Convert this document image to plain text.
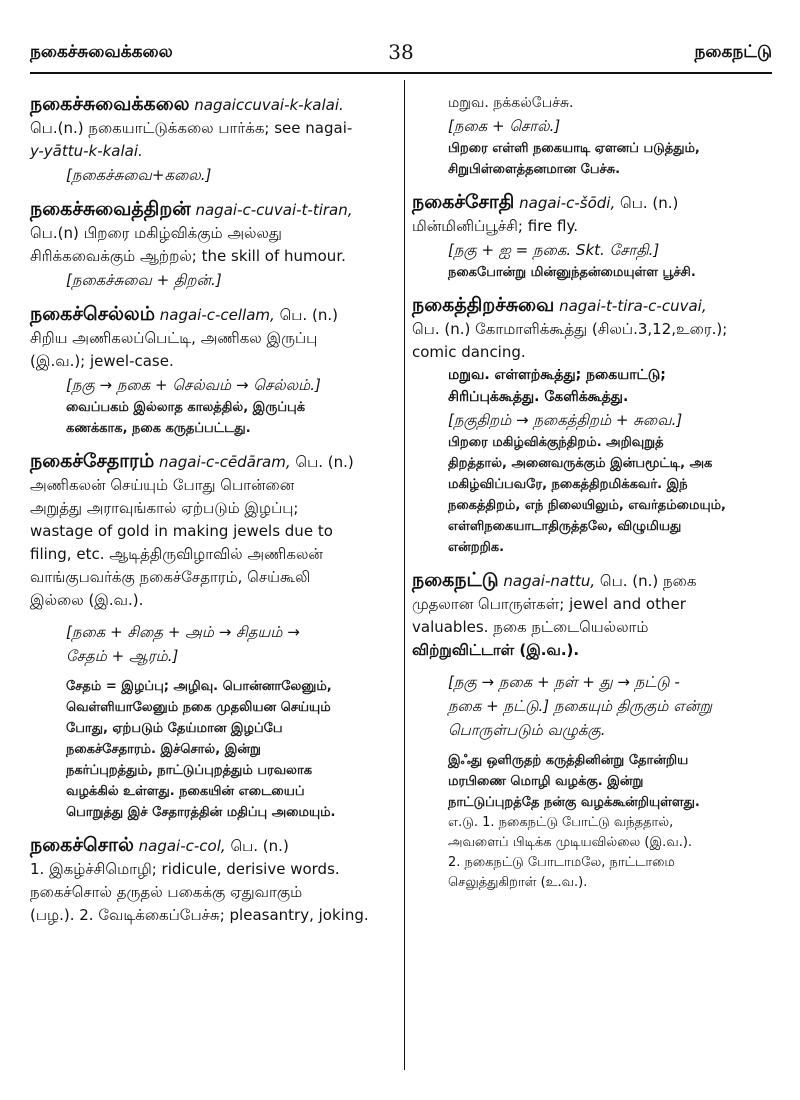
நகைச்சுவைக்கலை	38	நகைநட்டு

நகைச்சுவைக்கலை nagaiccuvai-k-kalai.

பெ.(n.) நகையாட்டுக்கலை பார்க்க; see nagai-

y-yāttu-k-kalai.

[நகைச்சுவை+கலை.]

நகைச்சுவைத்திறன் nagai-c-cuvai-t-tiran,

பெ.(n) பிறரை மகிழ்விக்கும் அல்லது

சிரிக்கவைக்கும் ஆற்றல்; the skill of humour.

[நகைச்சுவை + திறன்.]

நகைச்செல்லம் nagai-c-cellam, பெ. (n.)

சிறிய அணிகலப்பெட்டி, அணிகல இருப்பு

(இ.வ.); jewel-case.

[நகு → நகை + செல்வம் → செல்லம்.]

வைப்பகம் இல்லாத காலத்தில், இருப்புக்

கணக்காக, நகை கருதப்பட்டது.

நகைச்சேதாரம் nagai-c-cēdāram, பெ. (n.)

அணிகலன் செய்யும் போது பொன்னை

அறுத்து அராவுங்கால் ஏற்படும் இழப்பு;

wastage of gold in making jewels due to

filing, etc. ஆடித்திருவிழாவில் அணிகலன்

வாங்குபவர்க்கு நகைச்சேதாரம், செய்கூலி

இல்லை (இ.வ.).

[நகை + சிதை + அம் → சிதயம் →

சேதம் + ஆரம்.]

சேதம் = இழப்பு; அழிவு. பொன்னாலேனும்,

வெள்ளியாலேனும் நகை முதலியன செய்யும்

போது, ஏற்படும் தேய்மான இழப்பே

நகைச்சேதாரம். இச்சொல், இன்று

நகர்ப்புறத்தும், நாட்டுப்புறத்தும் பரவலாக

வழக்கில் உள்ளது. நகையின் எடையைப்

பொறுத்து இச் சேதாரத்தின் மதிப்பு அமையும்.

நகைச்சொல் nagai-c-col, பெ. (n.)

1. இகழ்ச்சிமொழி; ridicule, derisive words.

நகைச்சொல் தருதல் பகைக்கு ஏதுவாகும்

(பழ.). 2. வேடிக்கைப்பேச்சு; pleasantry, joking.

மறுவ. நக்கல்பேச்சு.

[நகை + சொல்.]

பிறரை எள்ளி நகையாடி ஏளனப் படுத்தும்,

சிறுபிள்ளைத்தனமான பேச்சு.

நகைச்சோதி nagai-c-šōdi, பெ. (n.)

மின்மினிப்பூச்சி; fire fly.

[நகு + ஐ = நகை. Skt. சோதி.]

நகைபோன்று மின்னுந்தன்மையுள்ள பூச்சி.

நகைத்திறச்சுவை nagai-t-tira-c-cuvai,

பெ. (n.) கோமாளிக்கூத்து (சிலப்.3,12,உரை.);

comic dancing.

மறுவ. எள்ளற்கூத்து; நகையாட்டு;

சிரிப்புக்கூத்து. கேளிக்கூத்து.

[நகுதிறம் → நகைத்திறம் + சுவை.]

பிறரை மகிழ்விக்குந்திறம். அறிவுறுத்

திறத்தால், அனைவருக்கும் இன்பமூட்டி, அக

மகிழ்விப்பவரே, நகைத்திறமிக்கவர். இந்

நகைத்திறம், எந் நிலையிலும், எவர்தம்மையும்,

எள்ளிநகையாடாதிருத்தலே, விழுமியது

என்றறிக.

நகைநட்டு nagai-nattu, பெ. (n.) நகை

முதலான பொருள்கள்; jewel and other

valuables. நகை நட்டையெல்லாம்

விற்றுவிட்டாள் (இ.வ.).

[நகு → நகை + நள் + து → நட்டு -

நகை + நட்டு.] நகையும் திருகும் என்று

பொருள்படும் வழுக்கு.

இஃது ஒளிருதற் கருத்தினின்று தோன்றிய

மரபிணை மொழி வழக்கு. இன்று

நாட்டுப்புறத்தே நன்கு வழக்கூன்றியுள்ளது.

எ.டு. 1. நகைநட்டு போட்டு வந்ததால்,

அவளைப் பிடிக்க முடியவில்லை (இ.வ.).

2. நகைநட்டு போடாமலே, நாட்டாமை

செலுத்துகிறாள் (உ.வ.).
